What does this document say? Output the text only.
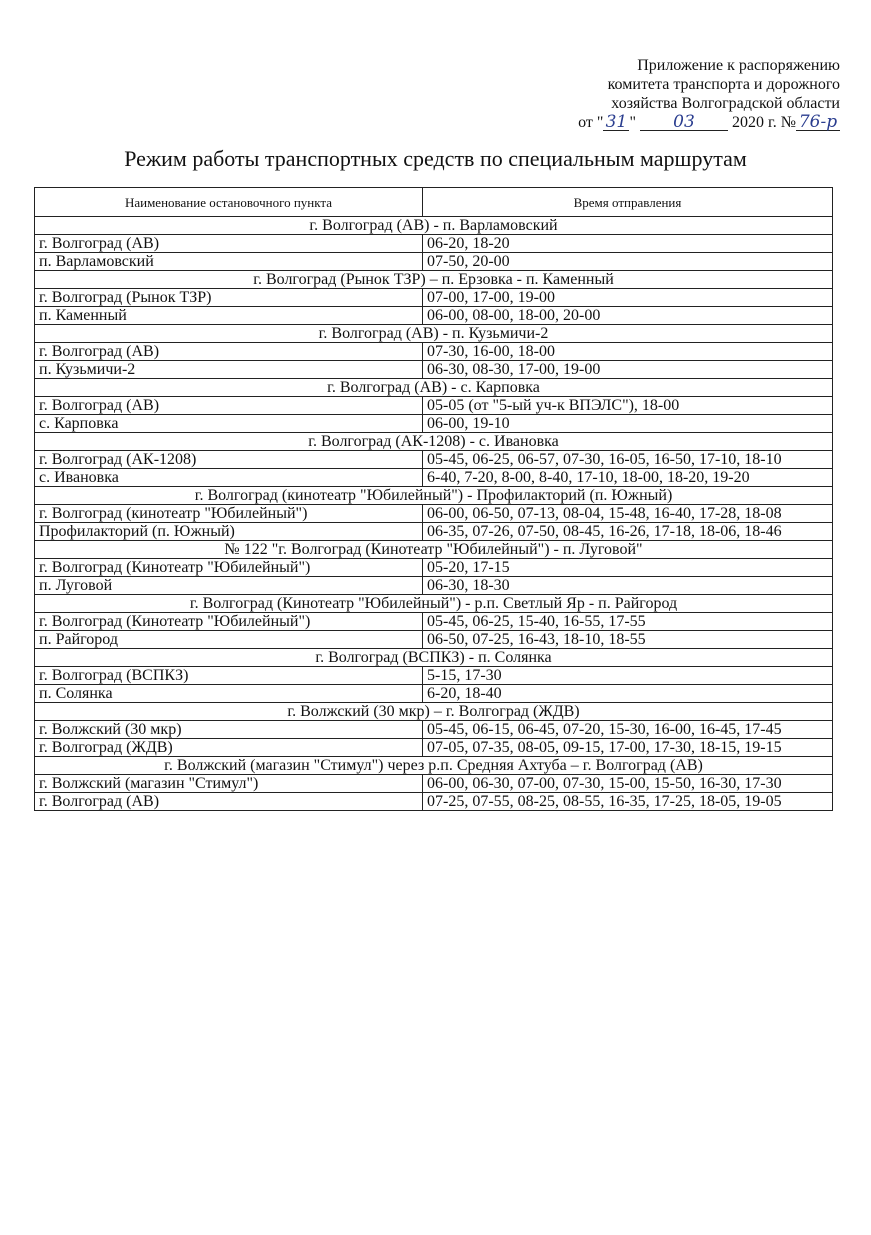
Приложение к распоряжению
комитета транспорта и дорожного
хозяйства Волгоградской области
от " 31 " 03 2020 г. № 76-р
Режим работы транспортных средств по специальным маршрутам
Наименование остановочного пункта	Время отправления
г. Волгоград (АВ) - п. Варламовский	
г. Волгоград (АВ)	06-20, 18-20
п. Варламовский	07-50, 20-00
г. Волгоград (Рынок ТЗР) – п. Ерзовка - п. Каменный	
г. Волгоград (Рынок ТЗР)	07-00, 17-00, 19-00
п. Каменный	06-00, 08-00, 18-00, 20-00
г. Волгоград (АВ) - п. Кузьмичи-2	
г. Волгоград (АВ)	07-30, 16-00, 18-00
п. Кузьмичи-2	06-30, 08-30, 17-00, 19-00
г. Волгоград (АВ) - с. Карповка	
г. Волгоград (АВ)	05-05 (от "5-ый уч-к ВПЭЛС"), 18-00
с. Карповка	06-00, 19-10
г. Волгоград (АК-1208) - с. Ивановка	
г. Волгоград (АК-1208)	05-45, 06-25, 06-57, 07-30, 16-05, 16-50, 17-10, 18-10
с. Ивановка	6-40, 7-20, 8-00, 8-40, 17-10, 18-00, 18-20, 19-20
г. Волгоград (кинотеатр "Юбилейный") - Профилакторий (п. Южный)	
г. Волгоград (кинотеатр "Юбилейный")	06-00, 06-50, 07-13, 08-04, 15-48, 16-40, 17-28, 18-08
Профилакторий (п. Южный)	06-35, 07-26, 07-50, 08-45, 16-26, 17-18, 18-06, 18-46
№ 122 "г. Волгоград (Кинотеатр "Юбилейный") - п. Луговой"	
г. Волгоград (Кинотеатр "Юбилейный")	05-20, 17-15
п. Луговой	06-30, 18-30
г. Волгоград (Кинотеатр "Юбилейный") - р.п. Светлый Яр - п. Райгород	
г. Волгоград (Кинотеатр "Юбилейный")	05-45, 06-25, 15-40, 16-55, 17-55
п. Райгород	06-50, 07-25, 16-43, 18-10, 18-55
г. Волгоград (ВСПКЗ) - п. Солянка	
г. Волгоград (ВСПКЗ)	5-15, 17-30
п. Солянка	6-20, 18-40
г. Волжский (30 мкр) – г. Волгоград (ЖДВ)	
г. Волжский (30 мкр)	05-45, 06-15, 06-45, 07-20, 15-30, 16-00, 16-45, 17-45
г. Волгоград (ЖДВ)	07-05, 07-35, 08-05, 09-15, 17-00, 17-30, 18-15, 19-15
г. Волжский (магазин "Стимул") через р.п. Средняя Ахтуба – г. Волгоград (АВ)	
г. Волжский (магазин "Стимул")	06-00, 06-30, 07-00, 07-30, 15-00, 15-50, 16-30, 17-30
г. Волгоград (АВ)	07-25, 07-55, 08-25, 08-55, 16-35, 17-25, 18-05, 19-05
